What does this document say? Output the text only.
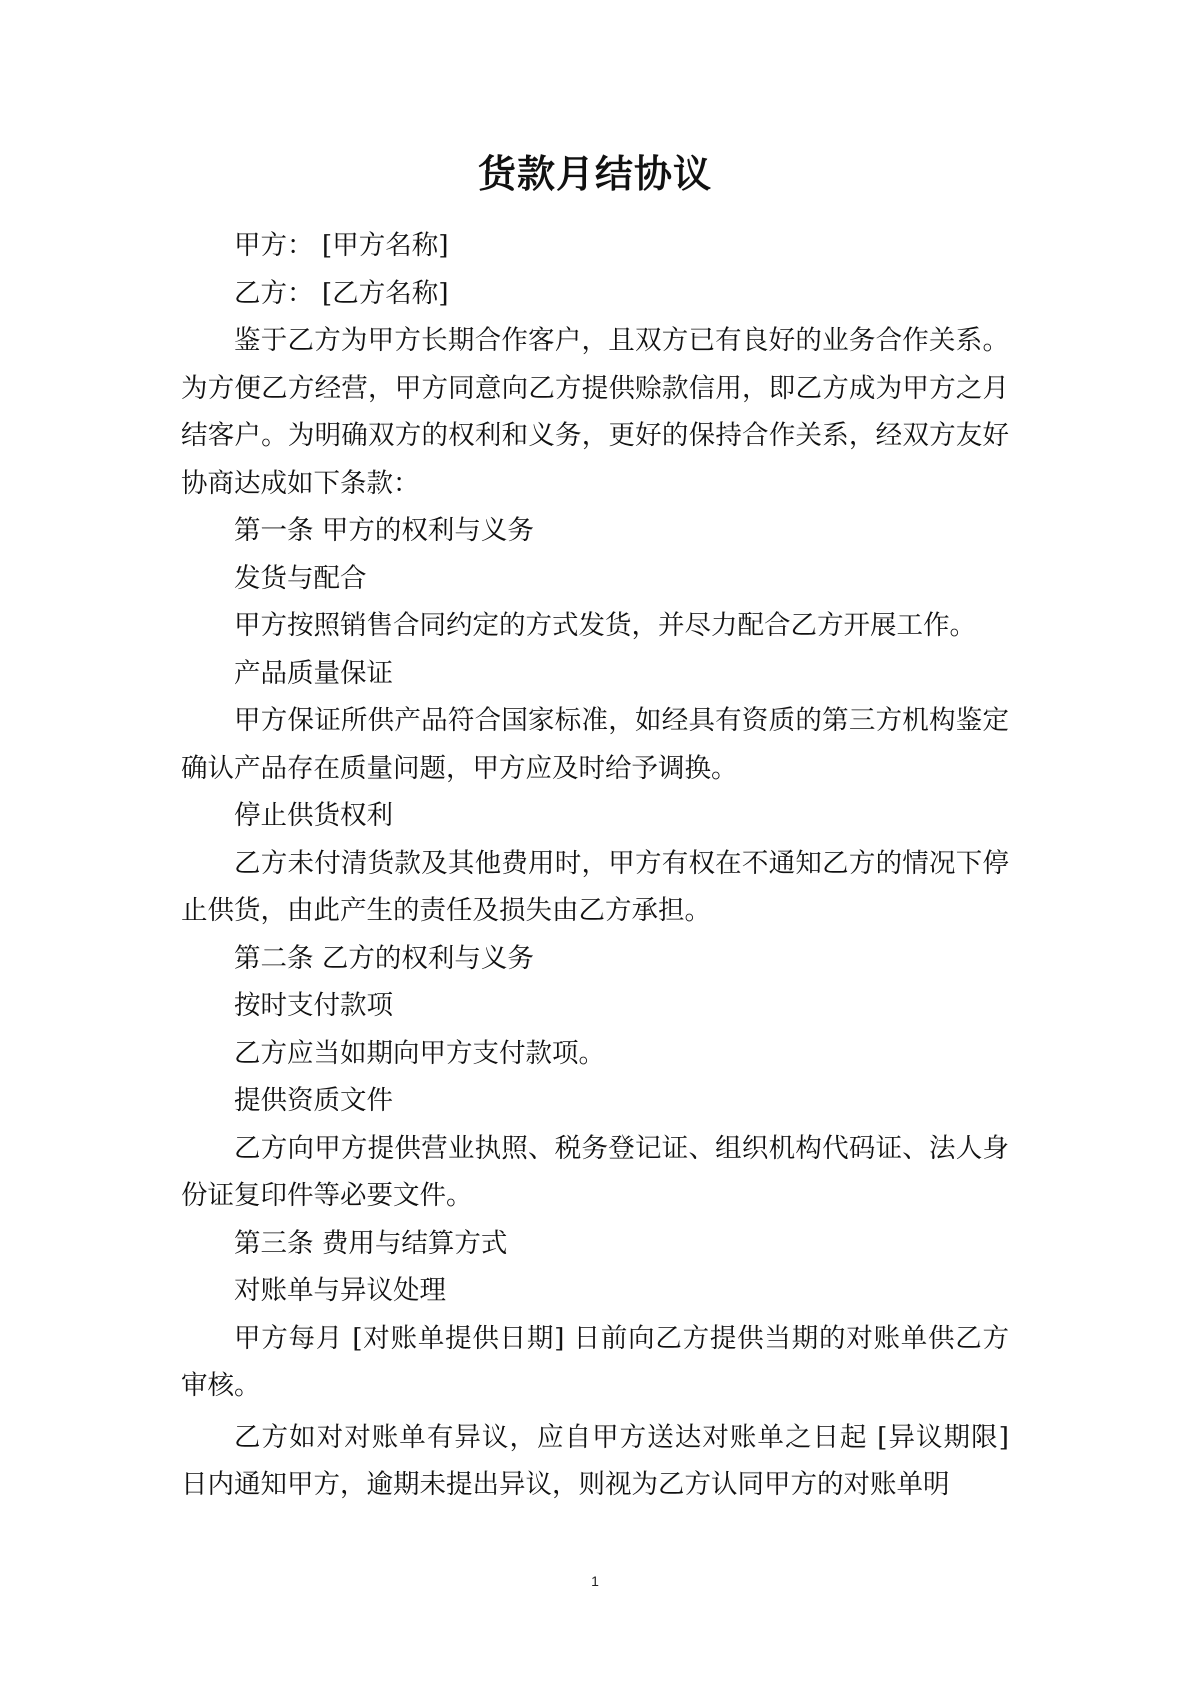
货款月结协议

甲方： [甲方名称]

乙方： [乙方名称]

鉴于乙方为甲方长期合作客户，且双方已有良好的业务合作关系。为方便乙方经营，甲方同意向乙方提供赊款信用，即乙方成为甲方之月结客户。为明确双方的权利和义务，更好的保持合作关系，经双方友好协商达成如下条款：

第一条 甲方的权利与义务

发货与配合

甲方按照销售合同约定的方式发货，并尽力配合乙方开展工作。

产品质量保证

甲方保证所供产品符合国家标准，如经具有资质的第三方机构鉴定确认产品存在质量问题，甲方应及时给予调换。

停止供货权利

乙方未付清货款及其他费用时，甲方有权在不通知乙方的情况下停止供货，由此产生的责任及损失由乙方承担。

第二条 乙方的权利与义务

按时支付款项

乙方应当如期向甲方支付款项。

提供资质文件

乙方向甲方提供营业执照、税务登记证、组织机构代码证、法人身份证复印件等必要文件。

第三条 费用与结算方式

对账单与异议处理

甲方每月 [对账单提供日期] 日前向乙方提供当期的对账单供乙方审核。

乙方如对对账单有异议，应自甲方送达对账单之日起 [异议期限] 日内通知甲方，逾期未提出异议，则视为乙方认同甲方的对账单明

1
